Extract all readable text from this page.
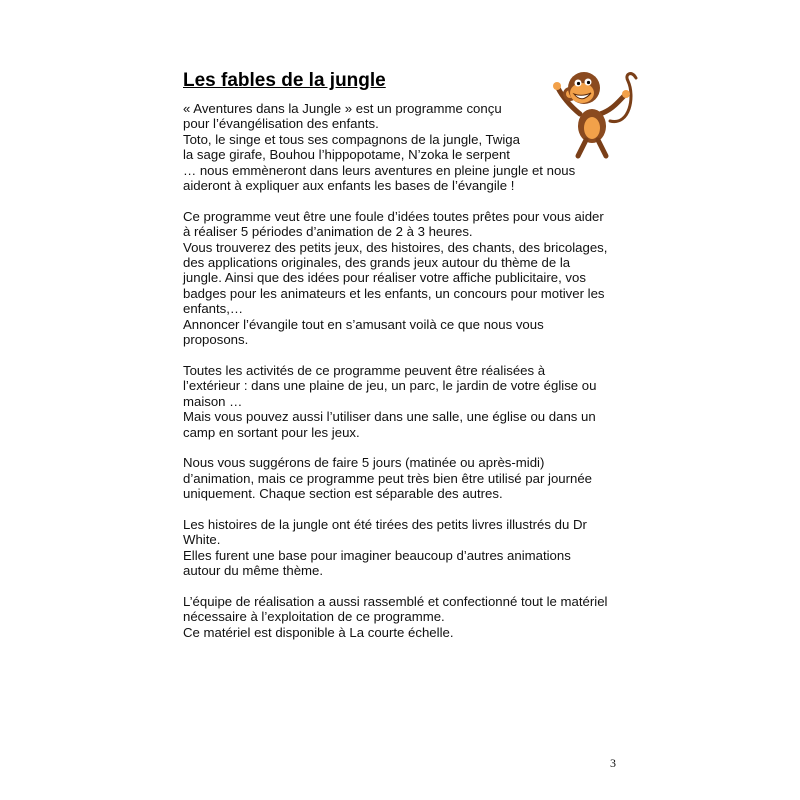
Les fables de la jungle

« Aventures dans la Jungle » est un programme conçu
pour l’évangélisation des enfants.
Toto, le singe et tous ses compagnons de la jungle, Twiga
la sage girafe, Bouhou l’hippopotame, N’zoka le serpent
… nous emmèneront dans leurs aventures en pleine jungle et nous
aideront à expliquer aux enfants les bases de l’évangile !

Ce programme veut être une foule d’idées toutes prêtes pour vous aider
à réaliser 5 périodes d’animation de 2 à 3 heures.
Vous trouverez des petits jeux, des histoires, des chants, des bricolages,
des applications originales, des grands jeux autour du thème de la
jungle. Ainsi que des idées pour réaliser votre affiche publicitaire, vos
badges pour les animateurs et les enfants, un concours pour motiver les
enfants,…
Annoncer l’évangile tout en s’amusant voilà ce que nous vous
proposons.

Toutes les activités de ce programme peuvent être réalisées à
l’extérieur : dans une plaine de jeu, un parc, le jardin de votre église ou
maison …
Mais vous pouvez aussi l’utiliser dans une salle, une église ou dans un
camp en sortant pour les jeux.

Nous vous suggérons de faire 5 jours (matinée ou après-midi)
d’animation, mais ce programme peut très bien être utilisé par journée
uniquement. Chaque section est séparable des autres.

Les histoires de la jungle ont été tirées des petits livres illustrés du Dr
White.
Elles furent une base pour imaginer beaucoup d’autres animations
autour du même thème.

L’équipe de réalisation a aussi rassemblé et confectionné tout le matériel
nécessaire à l’exploitation de ce programme.
Ce matériel est disponible à La courte échelle.

3
